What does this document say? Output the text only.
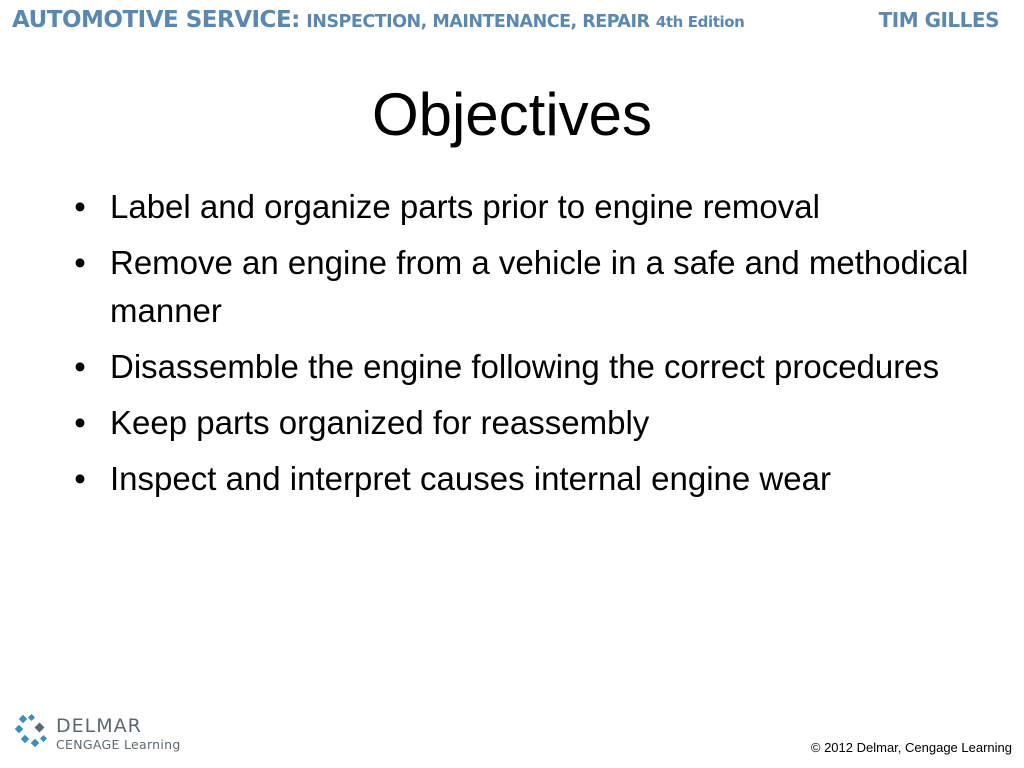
AUTOMOTIVE SERVICE: INSPECTION, MAINTENANCE, REPAIR 4th Edition	TIM GILLES
Objectives
• Label and organize parts prior to engine removal
• Remove an engine from a vehicle in a safe and methodical manner
• Disassemble the engine following the correct procedures
• Keep parts organized for reassembly
• Inspect and interpret causes internal engine wear
DELMAR
CENGAGE Learning	© 2012 Delmar, Cengage Learning
